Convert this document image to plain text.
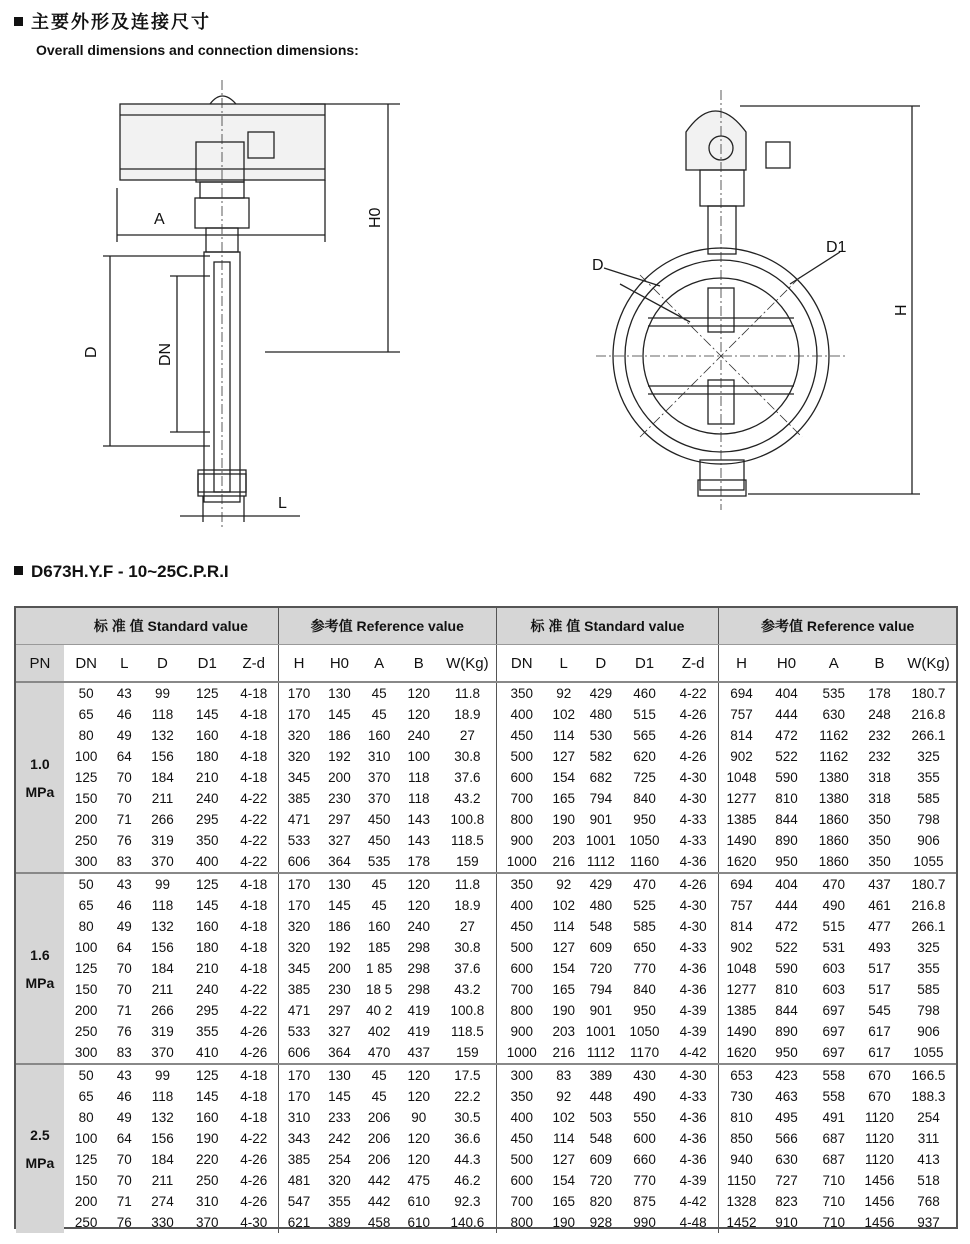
主要外形及连接尺寸
Overall dimensions and connection dimensions:
A	H0
D	DN
L
D
D1
H
D673H.Y.F - 10~25C.P.R.I
	标 准 值 Standard value					参考值 Reference value					标 准 值 Standard value					参考值 Reference value				
PN	DN	L	D	D1	Z-d	H	H0	A	B	W(Kg)	DN	L	D	D1	Z-d	H	H0	A	B	W(Kg)
1.0
MPa	50	43	99	125	4-18	170	130	45	120	11.8	350	92	429	460	4-22	694	404	535	178	180.7
	65	46	118	145	4-18	170	145	45	120	18.9	400	102	480	515	4-26	757	444	630	248	216.8
	80	49	132	160	4-18	320	186	160	240	27	450	114	530	565	4-26	814	472	1162	232	266.1
	100	64	156	180	4-18	320	192	310	100	30.8	500	127	582	620	4-26	902	522	1162	232	325
	125	70	184	210	4-18	345	200	370	118	37.6	600	154	682	725	4-30	1048	590	1380	318	355
	150	70	211	240	4-22	385	230	370	118	43.2	700	165	794	840	4-30	1277	810	1380	318	585
	200	71	266	295	4-22	471	297	450	143	100.8	800	190	901	950	4-33	1385	844	1860	350	798
	250	76	319	350	4-22	533	327	450	143	118.5	900	203	1001	1050	4-33	1490	890	1860	350	906
	300	83	370	400	4-22	606	364	535	178	159	1000	216	1112	1160	4-36	1620	950	1860	350	1055
1.6
MPa	50	43	99	125	4-18	170	130	45	120	11.8	350	92	429	470	4-26	694	404	470	437	180.7
	65	46	118	145	4-18	170	145	45	120	18.9	400	102	480	525	4-30	757	444	490	461	216.8
	80	49	132	160	4-18	320	186	160	240	27	450	114	548	585	4-30	814	472	515	477	266.1
	100	64	156	180	4-18	320	192	185	298	30.8	500	127	609	650	4-33	902	522	531	493	325
	125	70	184	210	4-18	345	200	1 85	298	37.6	600	154	720	770	4-36	1048	590	603	517	355
	150	70	211	240	4-22	385	230	18 5	298	43.2	700	165	794	840	4-36	1277	810	603	517	585
	200	71	266	295	4-22	471	297	40 2	419	100.8	800	190	901	950	4-39	1385	844	697	545	798
	250	76	319	355	4-26	533	327	402	419	118.5	900	203	1001	1050	4-39	1490	890	697	617	906
	300	83	370	410	4-26	606	364	470	437	159	1000	216	1112	1170	4-42	1620	950	697	617	1055
2.5
MPa	50	43	99	125	4-18	170	130	45	120	17.5	300	83	389	430	4-30	653	423	558	670	166.5
	65	46	118	145	4-18	170	145	45	120	22.2	350	92	448	490	4-33	730	463	558	670	188.3
	80	49	132	160	4-18	310	233	206	90	30.5	400	102	503	550	4-36	810	495	491	1120	254
	100	64	156	190	4-22	343	242	206	120	36.6	450	114	548	600	4-36	850	566	687	1120	311
	125	70	184	220	4-26	385	254	206	120	44.3	500	127	609	660	4-36	940	630	687	1120	413
	150	70	211	250	4-26	481	320	442	475	46.2	600	154	720	770	4-39	1150	727	710	1456	518
	200	71	274	310	4-26	547	355	442	610	92.3	700	165	820	875	4-42	1328	823	710	1456	768
	250	76	330	370	4-30	621	389	458	610	140.6	800	190	928	990	4-48	1452	910	710	1456	937
